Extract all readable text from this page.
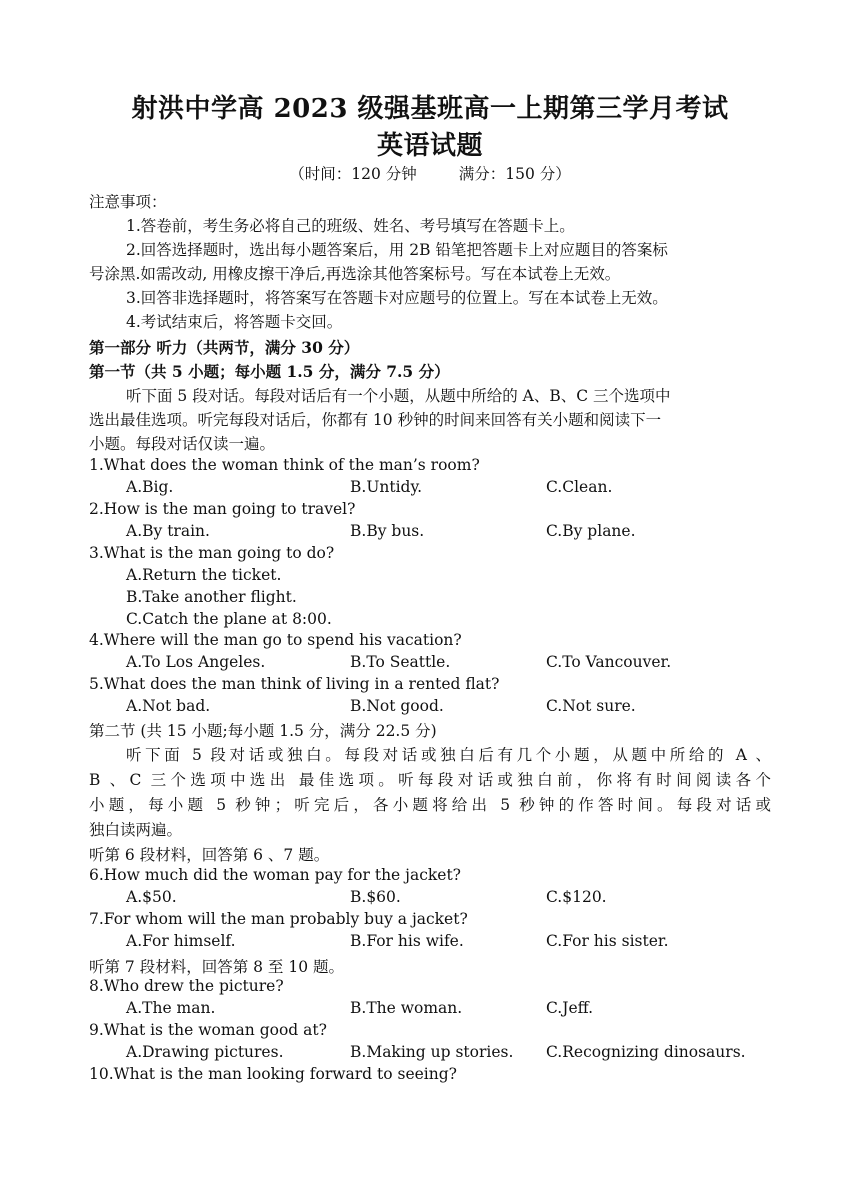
射洪中学高 2023 级强基班高一上期第三学月考试
英语试题
（时间：120 分钟	满分：150 分）
注意事项：
1.答卷前，考生务必将自己的班级、姓名、考号填写在答题卡上。
2.回答选择题时，选出每小题答案后，用 2B 铅笔把答题卡上对应题目的答案标
号涂黑.如需改动, 用橡皮擦干净后,再选涂其他答案标号。写在本试卷上无效。
3.回答非选择题时，将答案写在答题卡对应题号的位置上。写在本试卷上无效。
4.考试结束后，将答题卡交回。
第一部分 听力（共两节，满分 30 分）
第一节（共 5 小题；每小题 1.5 分，满分 7.5 分）
听下面 5 段对话。每段对话后有一个小题，从题中所给的 A、B、C 三个选项中
选出最佳选项。听完每段对话后，你都有 10 秒钟的时间来回答有关小题和阅读下一
小题。每段对话仅读一遍。
1.What does the woman think of the man’s room?
A.Big.	B.Untidy.	C.Clean.
2.How is the man going to travel?
A.By train.	B.By bus.	C.By plane.
3.What is the man going to do?
A.Return the ticket.
B.Take another flight.
C.Catch the plane at 8:00.
4.Where will the man go to spend his vacation?
A.To Los Angeles.	B.To Seattle.	C.To Vancouver.
5.What does the man think of living in a rented flat?
A.Not bad.	B.Not good.	C.Not sure.
第二节 (共 15 小题;每小题 1.5 分，满分 22.5 分)
听下面 5 段对话或独白。每段对话或独白后有几个小题，从题中所给的 A 、
B 、C 三个选项中选出 最佳选项。听每段对话或独白前，你将有时间阅读各个
小题，每小题 5 秒钟；听完后，各小题将给出 5 秒钟的作答时间。每段对话或
独白读两遍。
听第 6 段材料，回答第 6 、7 题。
6.How much did the woman pay for the jacket?
A.$50.	B.$60.	C.$120.
7.For whom will the man probably buy a jacket?
A.For himself.	B.For his wife.	C.For his sister.
听第 7 段材料，回答第 8 至 10 题。
8.Who drew the picture?
A.The man.	B.The woman.	C.Jeff.
9.What is the woman good at?
A.Drawing pictures.	B.Making up stories. C.Recognizing dinosaurs.
10.What is the man looking forward to seeing?
